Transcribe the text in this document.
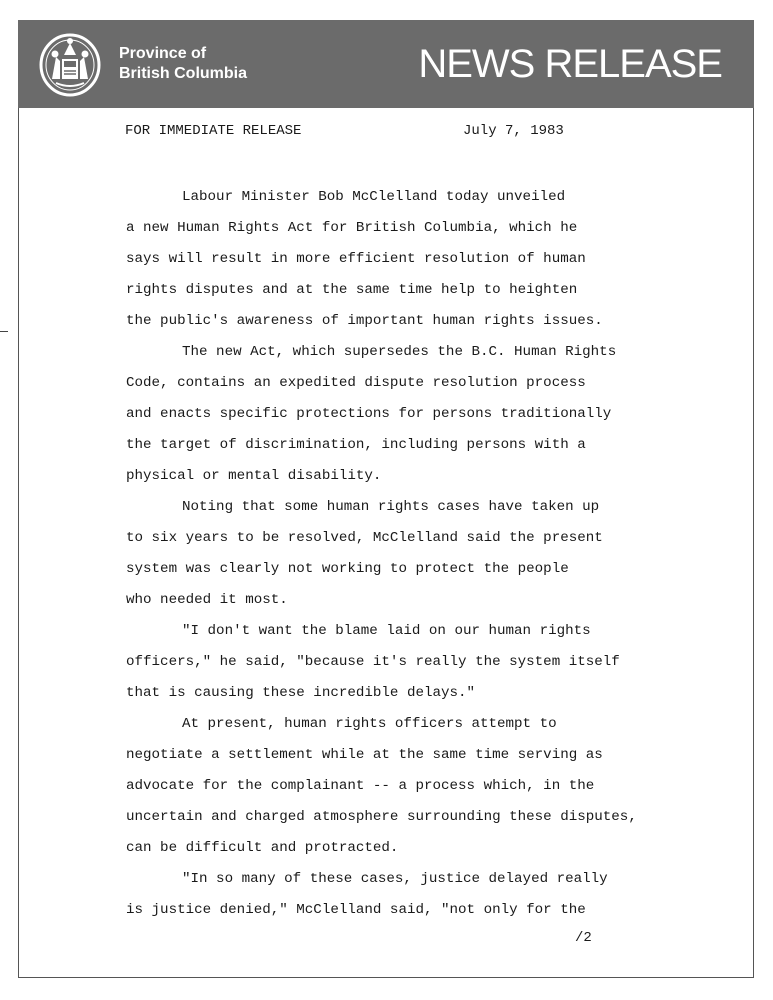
Province of
British Columbia	NEWS RELEASE
FOR IMMEDIATE RELEASE	July 7, 1983
Labour Minister Bob McClelland today unveiled
a new Human Rights Act for British Columbia, which he
says will result in more efficient resolution of human
rights disputes and at the same time help to heighten
the public's awareness of important human rights issues.
The new Act, which supersedes the B.C. Human Rights
Code, contains an expedited dispute resolution process
and enacts specific protections for persons traditionally
the target of discrimination, including persons with a
physical or mental disability.
Noting that some human rights cases have taken up
to six years to be resolved, McClelland said the present
system was clearly not working to protect the people
who needed it most.
"I don't want the blame laid on our human rights
officers," he said, "because it's really the system itself
that is causing these incredible delays."
At present, human rights officers attempt to
negotiate a settlement while at the same time serving as
advocate for the complainant -- a process which, in the
uncertain and charged atmosphere surrounding these disputes,
can be difficult and protracted.
"In so many of these cases, justice delayed really
is justice denied," McClelland said, "not only for the
/2
